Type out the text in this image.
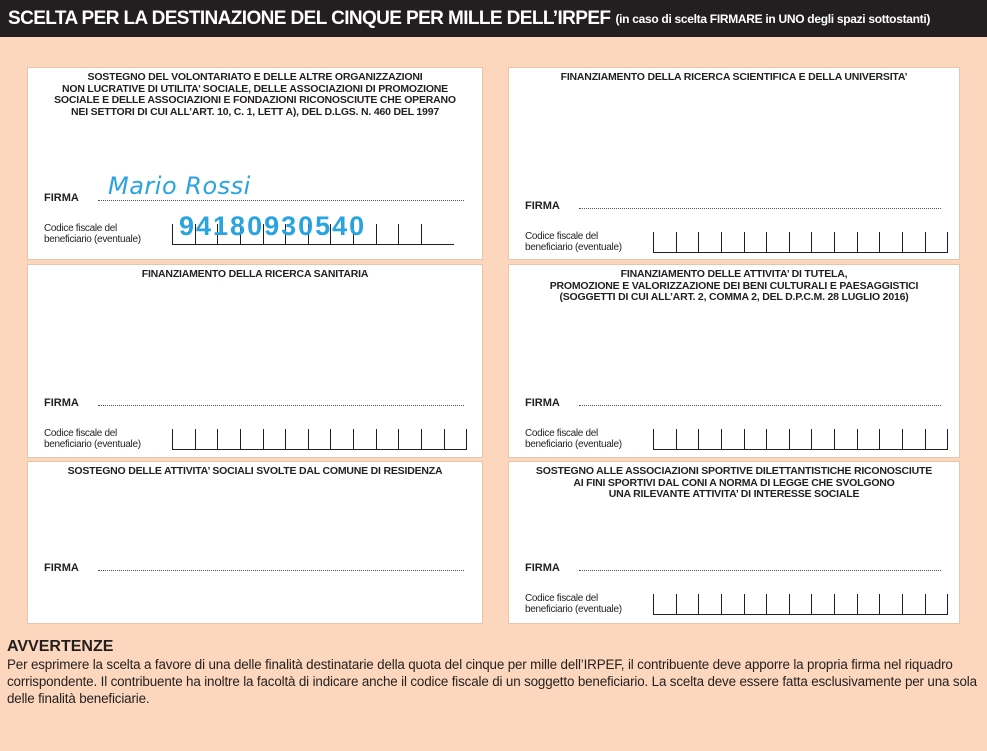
SCELTA PER LA DESTINAZIONE DEL CINQUE PER MILLE DELL’IRPEF (in caso di scelta FIRMARE in UNO degli spazi sottostanti)
SOSTEGNO DEL VOLONTARIATO E DELLE ALTRE ORGANIZZAZIONI
NON LUCRATIVE DI UTILITA’ SOCIALE, DELLE ASSOCIAZIONI DI PROMOZIONE
SOCIALE E DELLE ASSOCIAZIONI E FONDAZIONI RICONOSCIUTE CHE OPERANO
NEI SETTORI DI CUI ALL’ART. 10, C. 1, LETT A), DEL D.LGS. N. 460 DEL 1997
Mario Rossi
FIRMA
Codice fiscale del
beneficiario (eventuale)	94180930540
FINANZIAMENTO DELLA RICERCA SCIENTIFICA E DELLA UNIVERSITA’
FIRMA
Codice fiscale del
beneficiario (eventuale)
FINANZIAMENTO DELLA RICERCA SANITARIA
FIRMA
Codice fiscale del
beneficiario (eventuale)
FINANZIAMENTO DELLE ATTIVITA’ DI TUTELA,
PROMOZIONE E VALORIZZAZIONE DEI BENI CULTURALI E PAESAGGISTICI
(SOGGETTI DI CUI ALL’ART. 2, COMMA 2, DEL D.P.C.M. 28 LUGLIO 2016)
FIRMA
Codice fiscale del
beneficiario (eventuale)
SOSTEGNO DELLE ATTIVITA’ SOCIALI SVOLTE DAL COMUNE DI RESIDENZA
FIRMA
SOSTEGNO ALLE ASSOCIAZIONI SPORTIVE DILETTANTISTICHE RICONOSCIUTE
AI FINI SPORTIVI DAL CONI A NORMA DI LEGGE CHE SVOLGONO
UNA RILEVANTE ATTIVITA’ DI INTERESSE SOCIALE
FIRMA
Codice fiscale del
beneficiario (eventuale)
AVVERTENZE
Per esprimere la scelta a favore di una delle finalità destinatarie della quota del cinque per mille dell’IRPEF, il contribuente deve apporre la propria firma nel riquadro corrispondente. Il contribuente ha inoltre la facoltà di indicare anche il codice fiscale di un soggetto beneficiario. La scelta deve essere fatta esclusivamente per una sola delle finalità beneficiarie.
